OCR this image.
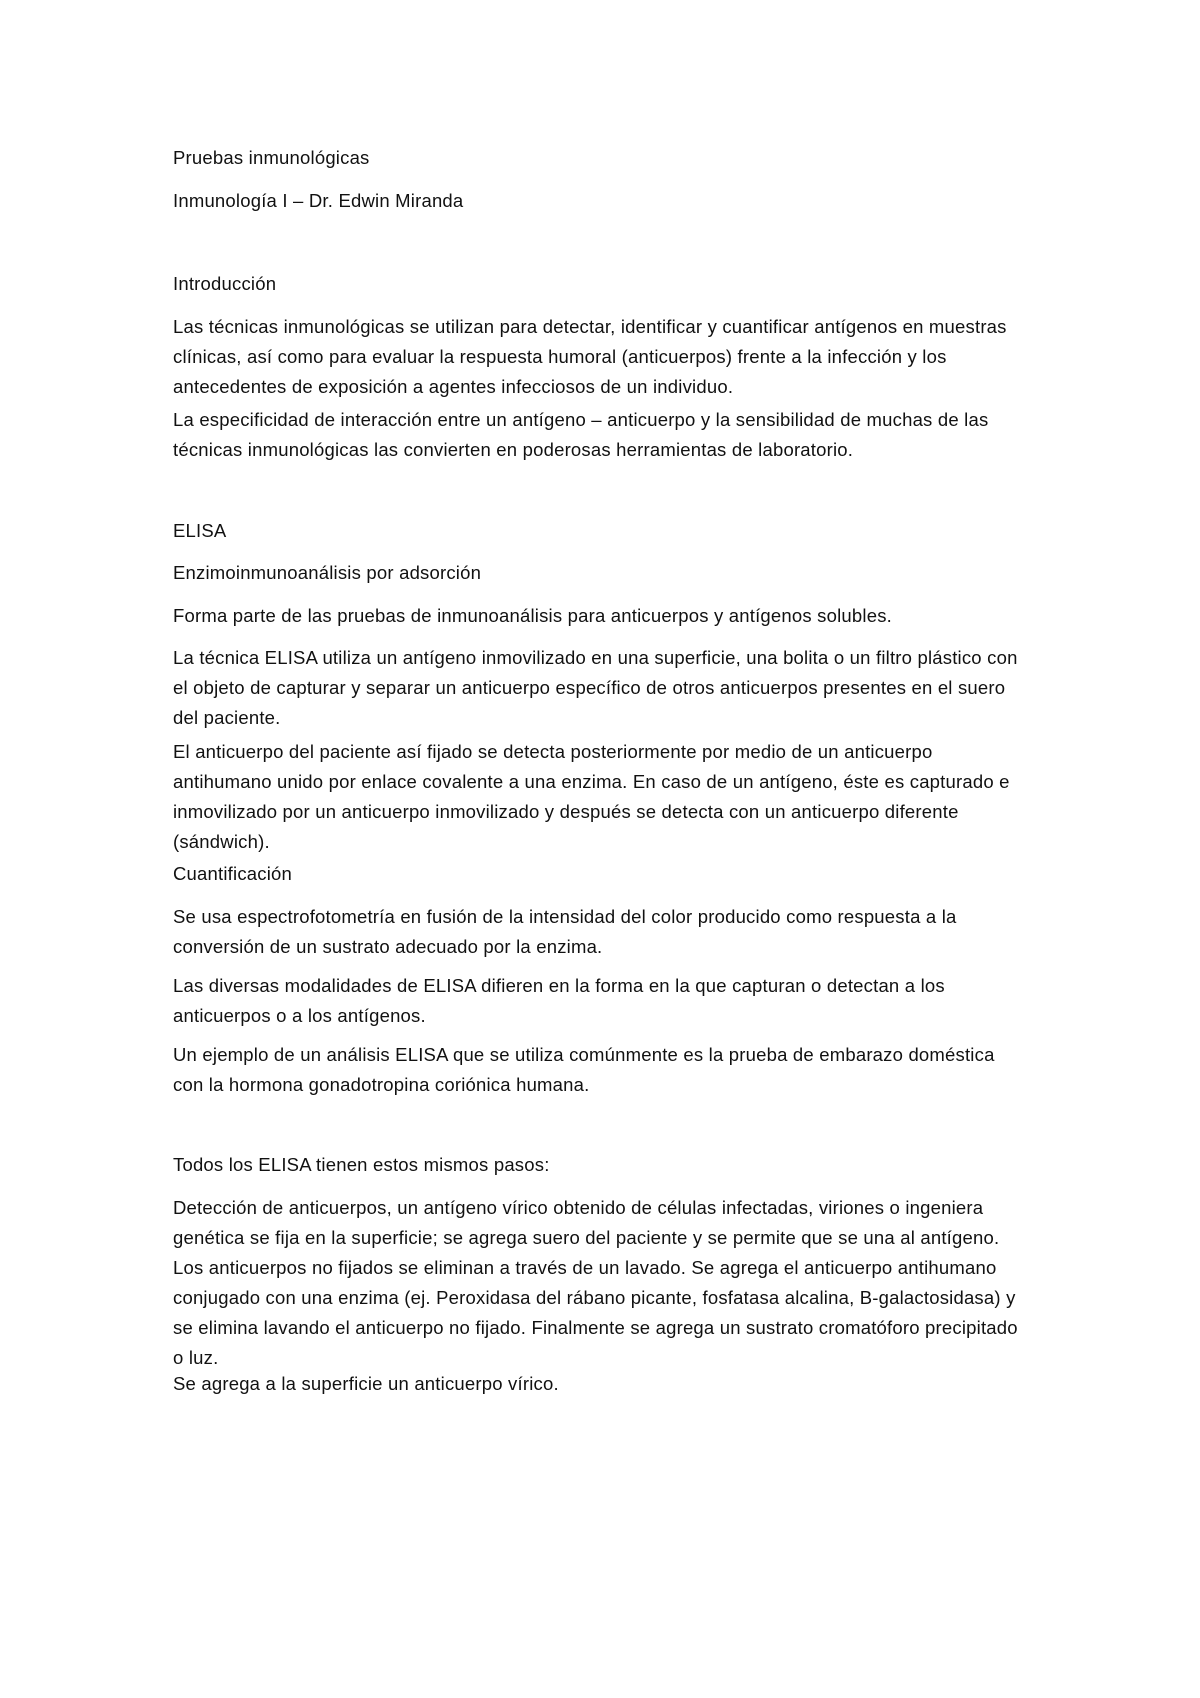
Pruebas inmunológicas

Inmunología I – Dr. Edwin Miranda

Introducción

Las técnicas inmunológicas se utilizan para detectar, identificar y cuantificar antígenos en muestras clínicas, así como para evaluar la respuesta humoral (anticuerpos) frente a la infección y los antecedentes de exposición a agentes infecciosos de un individuo.

La especificidad de interacción entre un antígeno – anticuerpo y la sensibilidad de muchas de las técnicas inmunológicas las convierten en poderosas herramientas de laboratorio.

ELISA

Enzimoinmunoanálisis por adsorción

Forma parte de las pruebas de inmunoanálisis para anticuerpos y antígenos solubles.

La técnica ELISA utiliza un antígeno inmovilizado en una superficie, una bolita o un filtro plástico con el objeto de capturar y separar un anticuerpo específico de otros anticuerpos presentes en el suero del paciente.

El anticuerpo del paciente así fijado se detecta posteriormente por medio de un anticuerpo antihumano unido por enlace covalente a una enzima. En caso de un antígeno, éste es capturado e inmovilizado por un anticuerpo inmovilizado y después se detecta con un anticuerpo diferente (sándwich).

Cuantificación

Se usa espectrofotometría en fusión de la intensidad del color producido como respuesta a la conversión de un sustrato adecuado por la enzima.

Las diversas modalidades de ELISA difieren en la forma en la que capturan o detectan a los anticuerpos o a los antígenos.

Un ejemplo de un análisis ELISA que se utiliza comúnmente es la prueba de embarazo doméstica con la hormona gonadotropina coriónica humana.

Todos los ELISA tienen estos mismos pasos:

Detección de anticuerpos, un antígeno vírico obtenido de células infectadas, viriones o ingeniera genética se fija en la superficie; se agrega suero del paciente y se permite que se una al antígeno. Los anticuerpos no fijados se eliminan a través de un lavado. Se agrega el anticuerpo antihumano conjugado con una enzima (ej. Peroxidasa del rábano picante, fosfatasa alcalina, B-galactosidasa) y se elimina lavando el anticuerpo no fijado. Finalmente se agrega un sustrato cromatóforo precipitado o luz.

Se agrega a la superficie un anticuerpo vírico.
